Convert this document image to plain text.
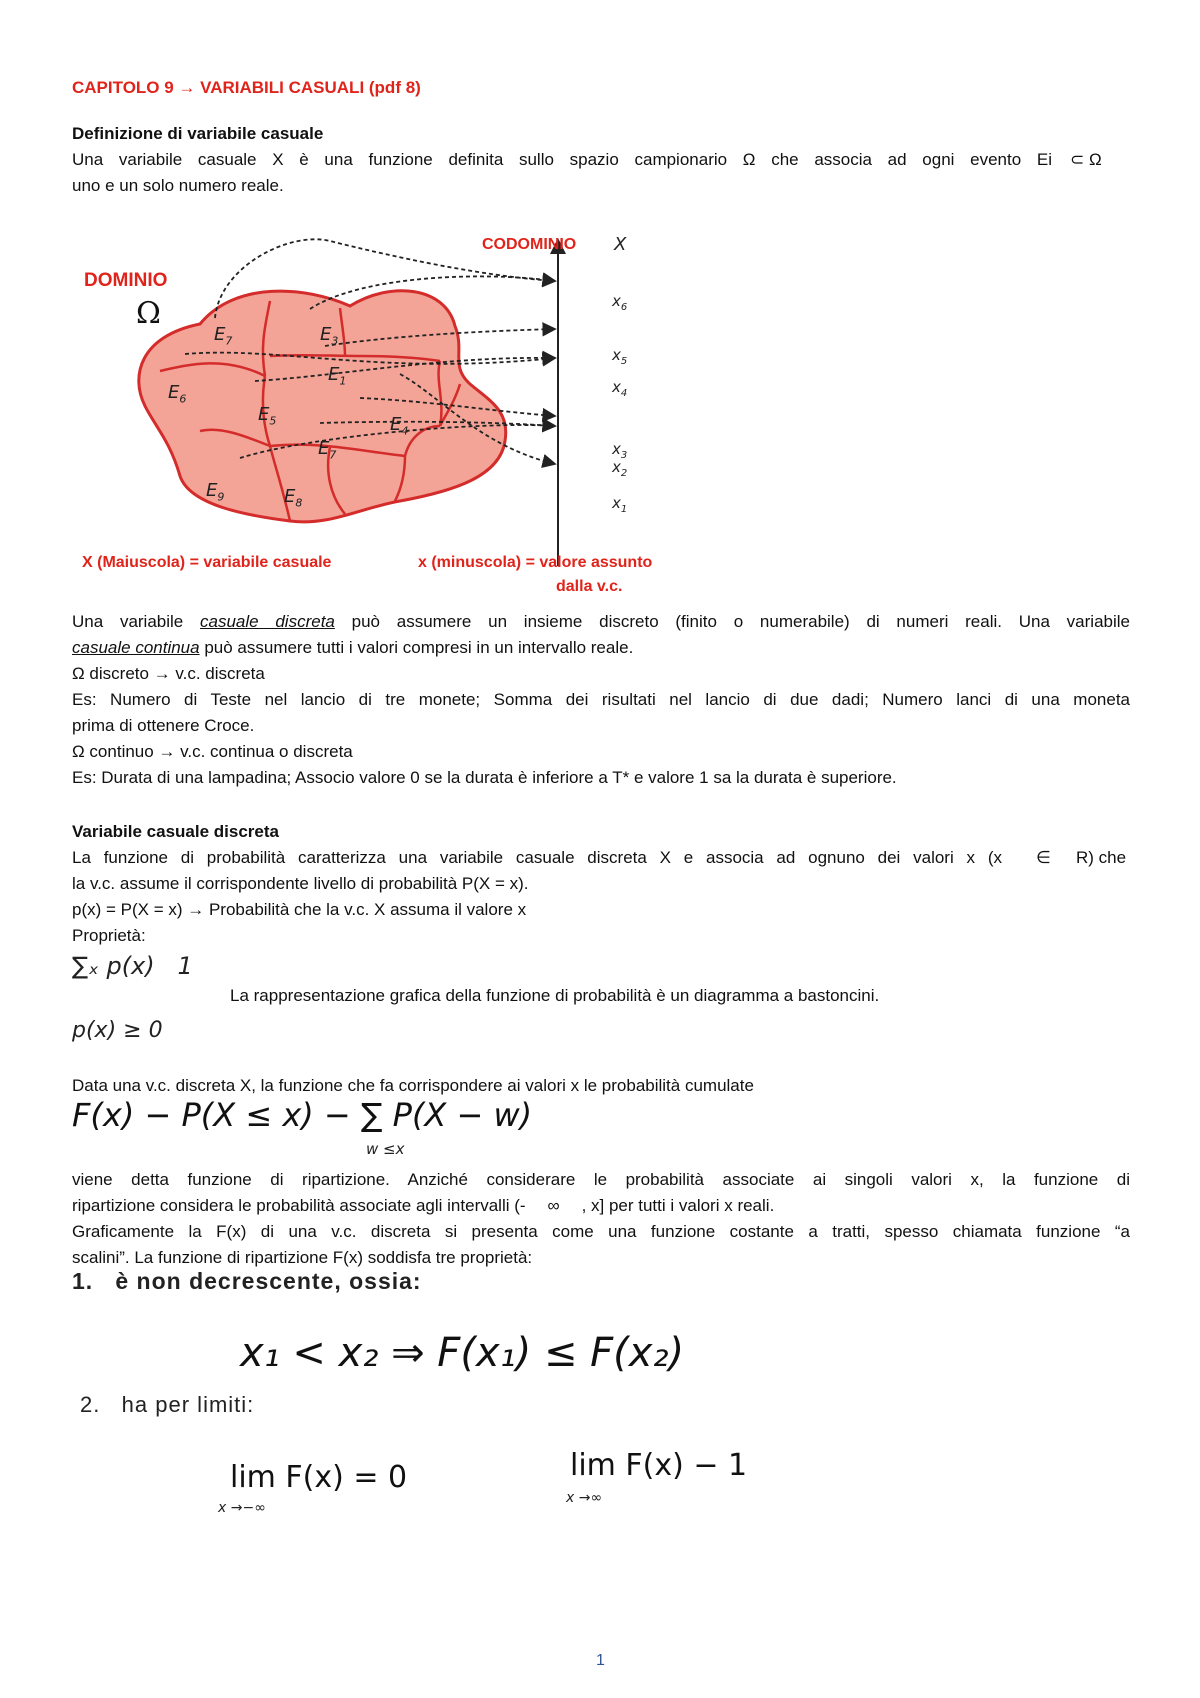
CAPITOLO 9 → VARIABILI CASUALI (pdf 8)
Definizione di variabile casuale
Una variabile casuale X è una funzione definita sullo spazio campionario Ω che associa ad ogni evento Ei ⊂ Ω
uno e un solo numero reale.
DOMINIO
Ω
CODOMINIO X
$E_7$	$E_3$
$E_1$
$E_6$
$E_5$	$E_4$
$E_7$
$E_9$	$E_8$
$x_6$
$x_5$
$x_4$
$x_3$
$x_2$
$x_1$
X (Maiuscola) = variabile casuale	x (minuscola) = valore assunto
dalla v.c.
Una variabile casuale discreta può assumere un insieme discreto (finito o numerabile) di numeri reali. Una variabile
casuale continua può assumere tutti i valori compresi in un intervallo reale.
Ω discreto → v.c. discreta
Es: Numero di Teste nel lancio di tre monete; Somma dei risultati nel lancio di due dadi; Numero lanci di una moneta
prima di ottenere Croce.
Ω continuo → v.c. continua o discreta
Es: Durata di una lampadina; Associo valore 0 se la durata è inferiore a T* e valore 1 sa la durata è superiore.
Variabile casuale discreta
La funzione di probabilità caratterizza una variabile casuale discreta X e associa ad ognuno dei valori x (x ∈ R) che
la v.c. assume il corrispondente livello di probabilità P(X = x).
p(x) = P(X = x) → Probabilità che la v.c. X assuma il valore x
Proprietà:
∑ₓ p(x)   1
La rappresentazione grafica della funzione di probabilità è un diagramma a bastoncini.
p(x) ≥ 0
Data una v.c. discreta X, la funzione che fa corrispondere ai valori x le probabilità cumulate
F(x) − P(X ≤ x) − ∑ P(X − w)
w ≤x
viene detta funzione di ripartizione. Anziché considerare le probabilità associate ai singoli valori x, la funzione di
ripartizione considera le probabilità associate agli intervalli (- ∞ , x] per tutti i valori x reali.
Graficamente la F(x) di una v.c. discreta si presenta come una funzione costante a tratti, spesso chiamata funzione “a
scalini”. La funzione di ripartizione F(x) soddisfa tre proprietà:
1.   è non decrescente, ossia:
x₁ < x₂ ⇒ F(x₁) ≤ F(x₂)
2.   ha per limiti:
lim F(x) = 0
x →−∞
lim F(x) − 1
x →∞
1
